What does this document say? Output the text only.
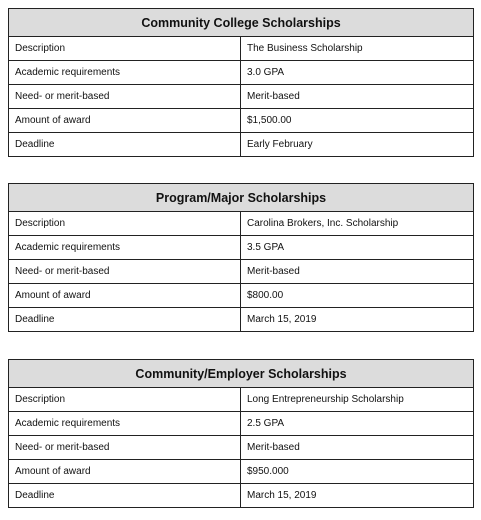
Community College Scholarships	
Description	The Business Scholarship
Academic requirements	3.0 GPA
Need- or merit-based	Merit-based
Amount of award	$1,500.00
Deadline	Early February
Program/Major Scholarships	
Description	Carolina Brokers, Inc. Scholarship
Academic requirements	3.5 GPA
Need- or merit-based	Merit-based
Amount of award	$800.00
Deadline	March 15, 2019
Community/Employer Scholarships	
Description	Long Entrepreneurship Scholarship
Academic requirements	2.5 GPA
Need- or merit-based	Merit-based
Amount of award	$950.000
Deadline	March 15, 2019
